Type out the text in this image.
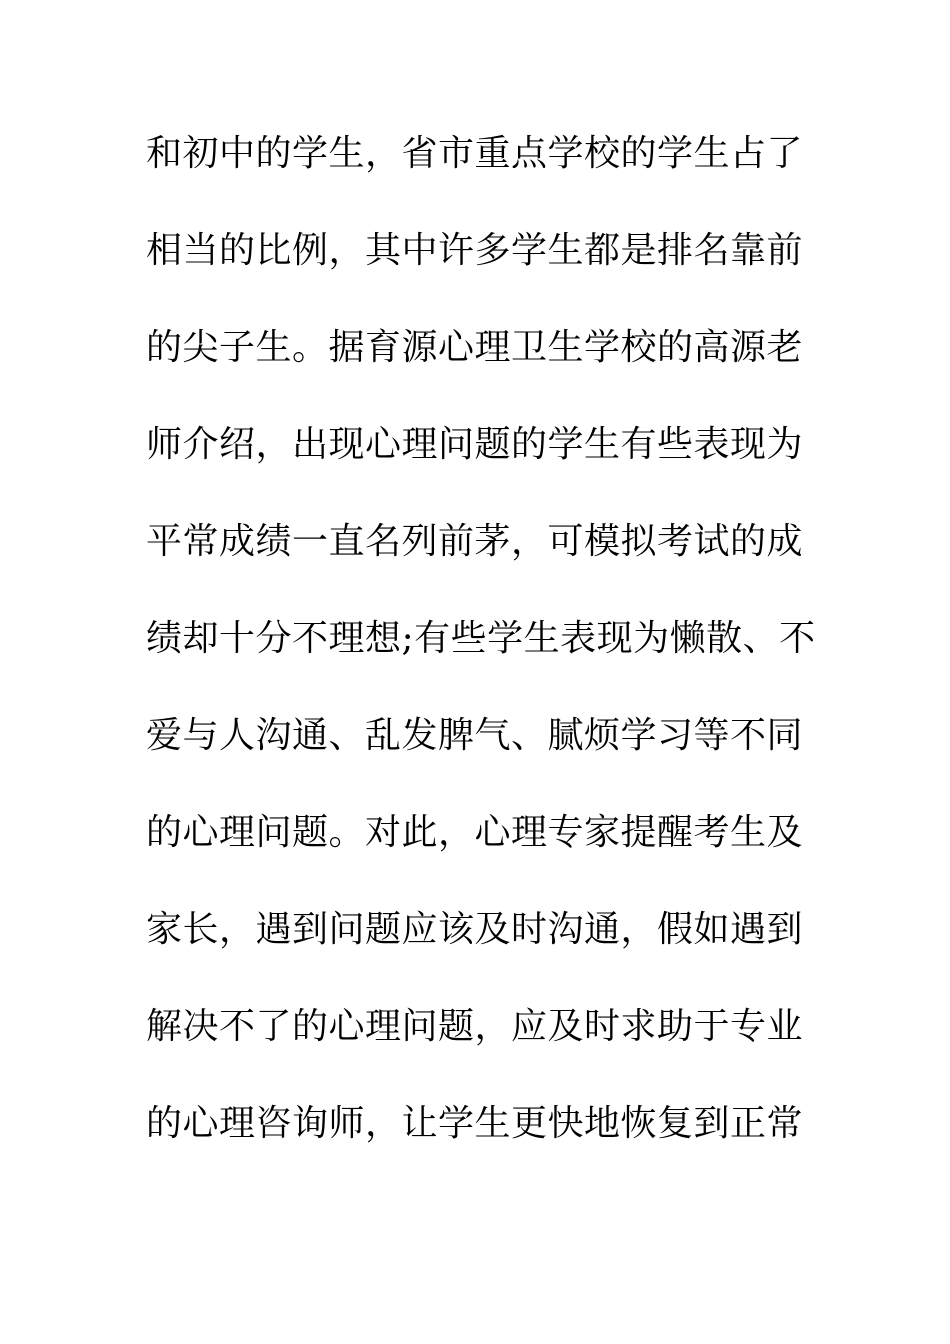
和初中的学生，省市重点学校的学生占了
相当的比例，其中许多学生都是排名靠前
的尖子生。据育源心理卫生学校的高源老
师介绍，出现心理问题的学生有些表现为
平常成绩一直名列前茅，可模拟考试的成
绩却十分不理想;有些学生表现为懒散、不
爱与人沟通、乱发脾气、腻烦学习等不同
的心理问题。对此，心理专家提醒考生及
家长，遇到问题应该及时沟通，假如遇到
解决不了的心理问题，应及时求助于专业
的心理咨询师，让学生更快地恢复到正常
